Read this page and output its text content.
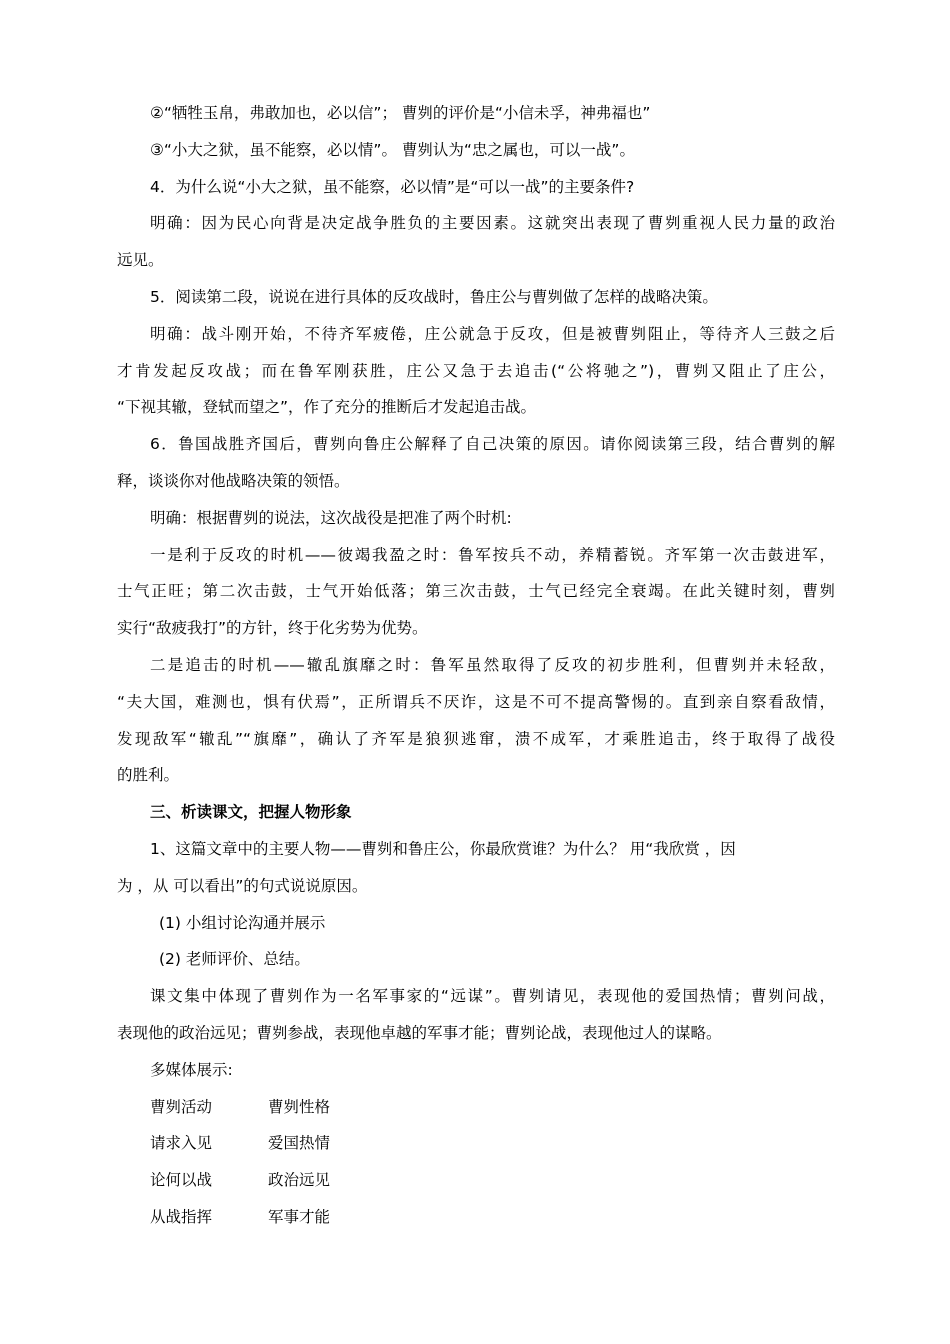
②“牺牲玉帛，弗敢加也，必以信”； 曹刿的评价是“小信未孚，神弗福也”
③“小大之狱，虽不能察，必以情”。 曹刿认为“忠之属也，可以一战”。
4．为什么说“小大之狱，虽不能察，必以情”是“可以一战”的主要条件?
明确：因为民心向背是决定战争胜负的主要因素。这就突出表现了曹刿重视人民力量的政治
远见。
5．阅读第二段，说说在进行具体的反攻战时，鲁庄公与曹刿做了怎样的战略决策。
明确：战斗刚开始，不待齐军疲倦，庄公就急于反攻，但是被曹刿阻止，等待齐人三鼓之后
才肯发起反攻战；而在鲁军刚获胜，庄公又急于去追击(“公将驰之”)，曹刿又阻止了庄公，
“下视其辙，登轼而望之”，作了充分的推断后才发起追击战。
6．鲁国战胜齐国后，曹刿向鲁庄公解释了自己决策的原因。请你阅读第三段，结合曹刿的解
释，谈谈你对他战略决策的领悟。
明确：根据曹刿的说法，这次战役是把准了两个时机:
一是利于反攻的时机——彼竭我盈之时：鲁军按兵不动，养精蓄锐。齐军第一次击鼓进军，
士气正旺；第二次击鼓，士气开始低落；第三次击鼓，士气已经完全衰竭。在此关键时刻，曹刿
实行“敌疲我打”的方针，终于化劣势为优势。
二是追击的时机——辙乱旗靡之时：鲁军虽然取得了反攻的初步胜利，但曹刿并未轻敌，
“夫大国，难测也，惧有伏焉”，正所谓兵不厌诈，这是不可不提高警惕的。直到亲自察看敌情，
发现敌军“辙乱”“旗靡”，确认了齐军是狼狈逃窜，溃不成军，才乘胜追击，终于取得了战役
的胜利。
三、析读课文，把握人物形象
1、这篇文章中的主要人物——曹刿和鲁庄公，你最欣赏谁？为什么？ 用“我欣赏 ，因
为 ，从 可以看出”的句式说说原因。
(1) 小组讨论沟通并展示
(2) 老师评价、总结。
课文集中体现了曹刿作为一名军事家的“远谋”。曹刿请见，表现他的爱国热情；曹刿问战，
表现他的政治远见；曹刿参战，表现他卓越的军事才能；曹刿论战，表现他过人的谋略。
多媒体展示:
曹刿活动	曹刿性格
请求入见	爱国热情
论何以战	政治远见
从战指挥	军事才能
